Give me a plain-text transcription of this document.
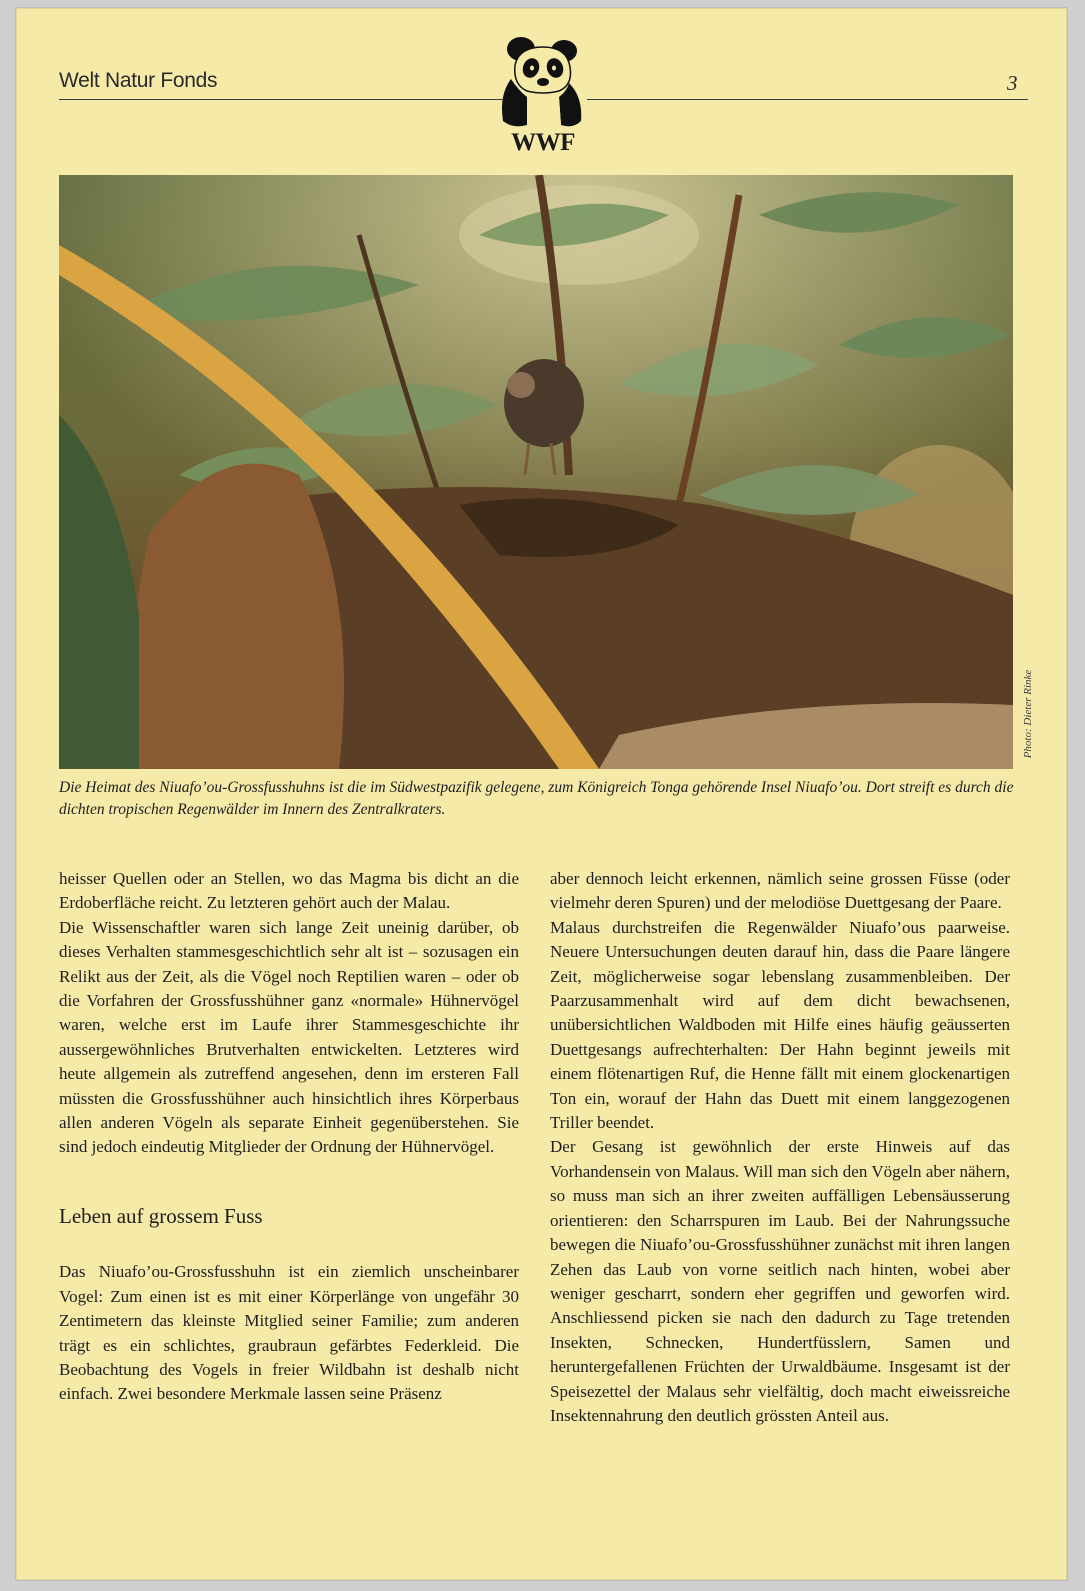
Welt Natur Fonds	3
WWF
Photo: Dieter Rinke

Die Heimat des Niuafo’ou-Grossfusshuhns ist die im Südwestpazifik gelegene, zum Königreich Tonga gehörende Insel Niuafo’ou. Dort streift es durch die dichten tropischen Regenwälder im Innern des Zentralkraters.

heisser Quellen oder an Stellen, wo das Magma bis dicht an die Erdoberfläche reicht. Zu letzteren gehört auch der Malau.

Die Wissenschaftler waren sich lange Zeit uneinig darüber, ob dieses Verhalten stammesgeschichtlich sehr alt ist – sozusagen ein Relikt aus der Zeit, als die Vögel noch Reptilien waren – oder ob die Vorfahren der Grossfusshühner ganz «normale» Hühnervögel waren, welche erst im Laufe ihrer Stammesgeschichte ihr aussergewöhnliches Brutverhalten entwickelten. Letzteres wird heute allgemein als zutreffend angesehen, denn im ersteren Fall müssten die Grossfusshühner auch hinsichtlich ihres Körperbaus allen anderen Vögeln als separate Einheit gegenüberstehen. Sie sind jedoch eindeutig Mitglieder der Ordnung der Hühnervögel.

Leben auf grossem Fuss

Das Niuafo’ou-Grossfusshuhn ist ein ziemlich unscheinbarer Vogel: Zum einen ist es mit einer Körperlänge von ungefähr 30 Zentimetern das kleinste Mitglied seiner Familie; zum anderen trägt es ein schlichtes, graubraun gefärbtes Federkleid. Die Beobachtung des Vogels in freier Wildbahn ist deshalb nicht einfach. Zwei besondere Merkmale lassen seine Präsenz

aber dennoch leicht erkennen, nämlich seine grossen Füsse (oder vielmehr deren Spuren) und der melodiöse Duettgesang der Paare.

Malaus durchstreifen die Regenwälder Niuafo’ous paarweise. Neuere Untersuchungen deuten darauf hin, dass die Paare längere Zeit, möglicherweise sogar lebenslang zusammenbleiben. Der Paarzusammenhalt wird auf dem dicht bewachsenen, unübersichtlichen Waldboden mit Hilfe eines häufig geäusserten Duettgesangs aufrechterhalten: Der Hahn beginnt jeweils mit einem flötenartigen Ruf, die Henne fällt mit einem glockenartigen Ton ein, worauf der Hahn das Duett mit einem langgezogenen Triller beendet.

Der Gesang ist gewöhnlich der erste Hinweis auf das Vorhandensein von Malaus. Will man sich den Vögeln aber nähern, so muss man sich an ihrer zweiten auffälligen Lebensäusserung orientieren: den Scharrspuren im Laub. Bei der Nahrungssuche bewegen die Niuafo’ou-Grossfusshühner zunächst mit ihren langen Zehen das Laub von vorne seitlich nach hinten, wobei aber weniger gescharrt, sondern eher gegriffen und geworfen wird. Anschliessend picken sie nach den dadurch zu Tage tretenden Insekten, Schnecken, Hundertfüsslern, Samen und heruntergefallenen Früchten der Urwaldbäume. Insgesamt ist der Speisezettel der Malaus sehr vielfältig, doch macht eiweissreiche Insektennahrung den deutlich grössten Anteil aus.
